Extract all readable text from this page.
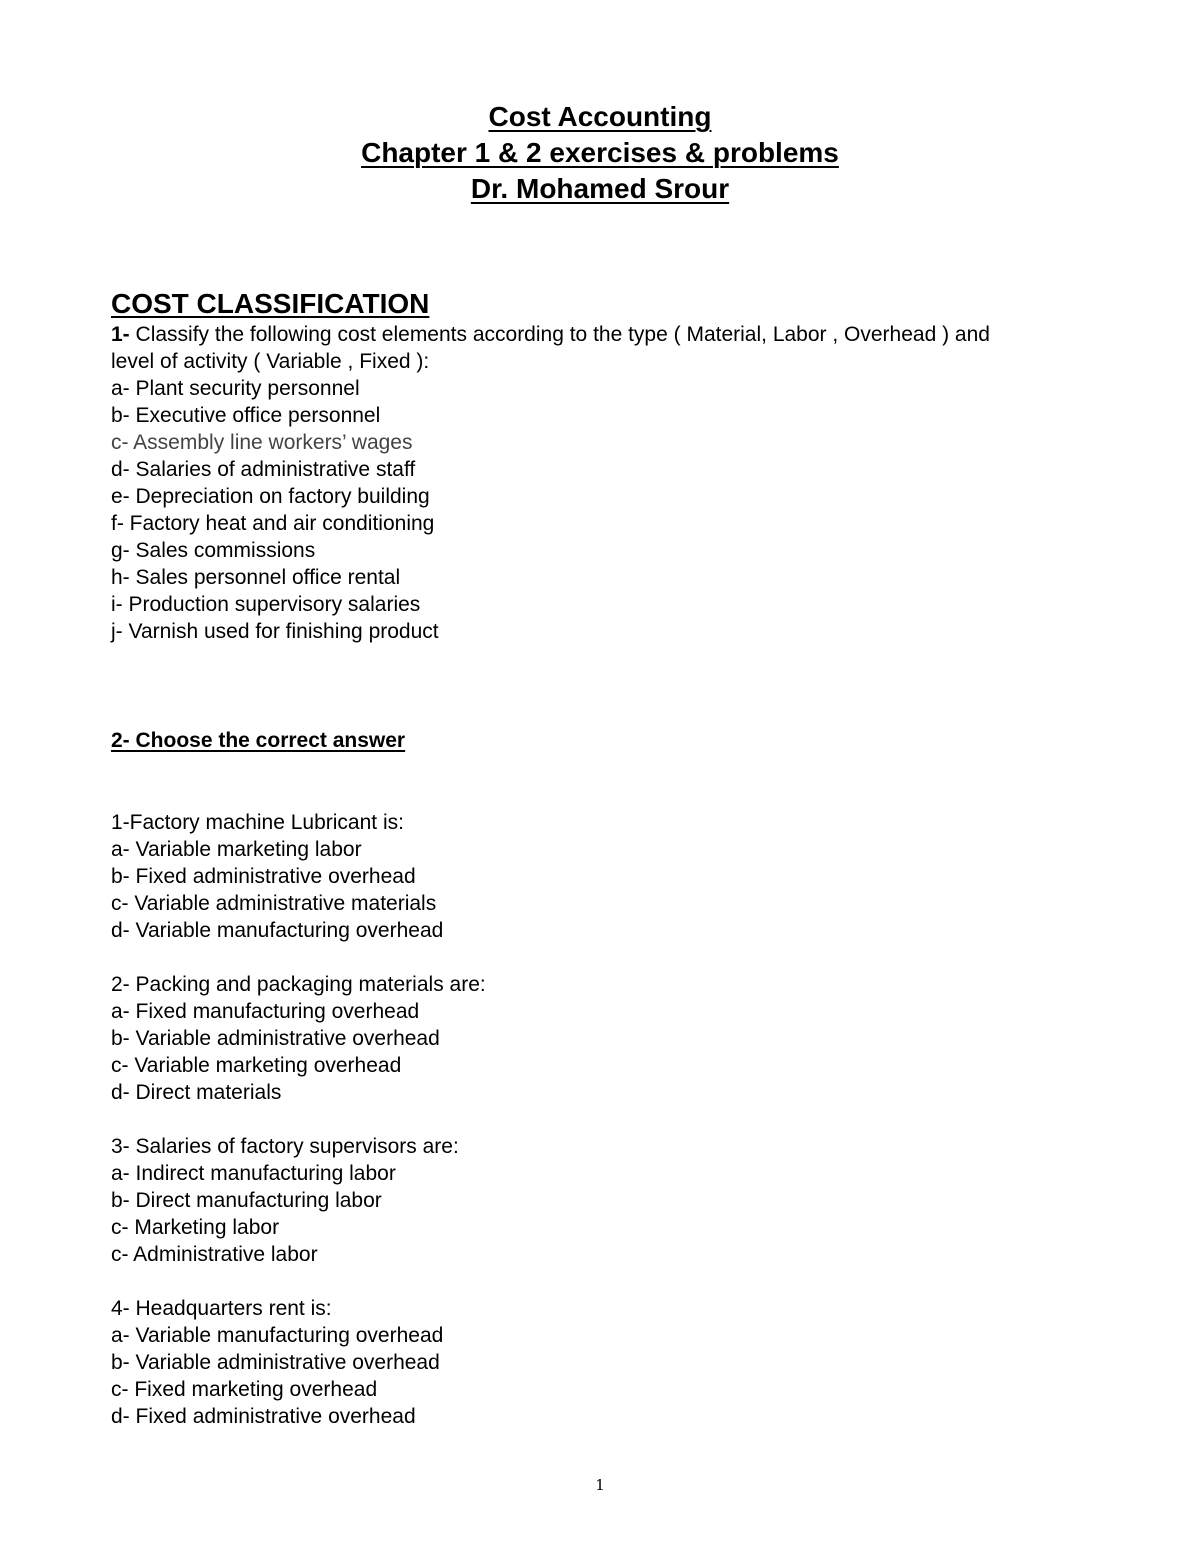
Cost Accounting
Chapter 1 & 2 exercises & problems
Dr. Mohamed Srour
COST CLASSIFICATION
1- Classify the following cost elements according to the type ( Material, Labor , Overhead ) and
level of activity ( Variable , Fixed ):
a- Plant security personnel
b- Executive office personnel
c- Assembly line workers’ wages
d- Salaries of administrative staff
e- Depreciation on factory building
f- Factory heat and air conditioning
g- Sales commissions
h- Sales personnel office rental
i- Production supervisory salaries
j- Varnish used for finishing product
2- Choose the correct answer
1-Factory machine Lubricant is:
a- Variable marketing labor
b- Fixed administrative overhead
c- Variable administrative materials
d- Variable manufacturing overhead
2- Packing and packaging materials are:
a- Fixed manufacturing overhead
b- Variable administrative overhead
c- Variable marketing overhead
d- Direct materials
3- Salaries of factory supervisors are:
a- Indirect manufacturing labor
b- Direct manufacturing labor
c- Marketing labor
c- Administrative labor
4- Headquarters rent is:
a- Variable manufacturing overhead
b- Variable administrative overhead
c- Fixed marketing overhead
d- Fixed administrative overhead
1
